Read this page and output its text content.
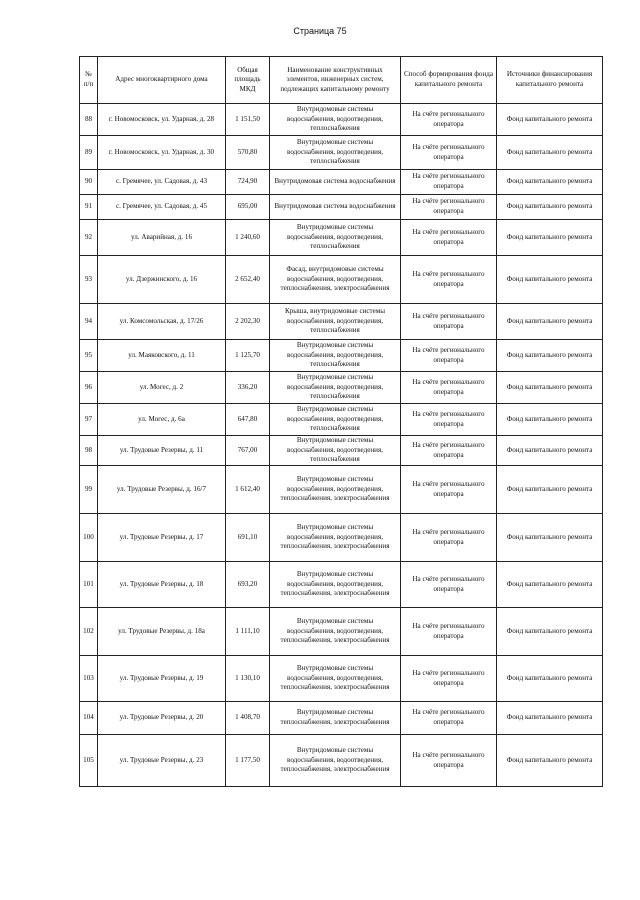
Страница 75
№ п/п	Адрес многоквартирного дома	Общая площадь МКД	Наименование конструктивных элементов, инженерных систем, подлежащих капитальному ремонту	Способ формирования фонда капитального ремонта	Источники финансирования капитального ремонта
88	г. Новомосковск, ул. Ударная, д. 28	1 151,50	Внутридомовые системы водоснабжения, водоотведения, теплоснабжения	На счёте регионального оператора	Фонд капитального ремонта
89	г. Новомосковск, ул. Ударная, д. 30	570,80	Внутридомовые системы водоснабжения, водоотведения, теплоснабжения	На счёте регионального оператора	Фонд капитального ремонта
90	с. Гремячее, ул. Садовая, д. 43	724,90	Внутридомовая система водоснабжения	На счёте регионального оператора	Фонд капитального ремонта
91	с. Гремячее, ул. Садовая, д. 45	695,00	Внутридомовая система водоснабжения	На счёте регионального оператора	Фонд капитального ремонта
92	ул. Аварийная, д. 16	1 240,60	Внутридомовые системы водоснабжения, водоотведения, теплоснабжения	На счёте регионального оператора	Фонд капитального ремонта
93	ул. Дзержинского, д. 16	2 652,40	Фасад, внутридомовые системы водоснабжения, водоотведения, теплоснабжения, электроснабжения	На счёте регионального оператора	Фонд капитального ремонта
94	ул. Комсомольская, д. 17/26	2 202,30	Крыша, внутридомовые системы водоснабжения, водоотведения, теплоснабжения	На счёте регионального оператора	Фонд капитального ремонта
95	ул. Маяковского, д. 11	1 125,70	Внутридомовые системы водоснабжения, водоотведения, теплоснабжения	На счёте регионального оператора	Фонд капитального ремонта
96	ул. Могес, д. 2	336,20	Внутридомовые системы водоснабжения, водоотведения, теплоснабжения	На счёте регионального оператора	Фонд капитального ремонта
97	ул. Могес, д. 6а	647,80	Внутридомовые системы водоснабжения, водоотведения, теплоснабжения	На счёте регионального оператора	Фонд капитального ремонта
98	ул. Трудовые Резервы, д. 11	767,00	Внутридомовые системы водоснабжения, водоотведения, теплоснабжения	На счёте регионального оператора	Фонд капитального ремонта
99	ул. Трудовые Резервы, д. 16/7	1 612,40	Внутридомовые системы водоснабжения, водоотведения, теплоснабжения, электроснабжения	На счёте регионального оператора	Фонд капитального ремонта
100	ул. Трудовые Резервы, д. 17	691,10	Внутридомовые системы водоснабжения, водоотведения, теплоснабжения, электроснабжения	На счёте регионального оператора	Фонд капитального ремонта
101	ул. Трудовые Резервы, д. 18	693,20	Внутридомовые системы водоснабжения, водоотведения, теплоснабжения, электроснабжения	На счёте регионального оператора	Фонд капитального ремонта
102	ул. Трудовые Резервы, д. 18а	1 111,10	Внутридомовые системы водоснабжения, водоотведения, теплоснабжения, электроснабжения	На счёте регионального оператора	Фонд капитального ремонта
103	ул. Трудовые Резервы, д. 19	1 130,10	Внутридомовые системы водоснабжения, водоотведения, теплоснабжения, электроснабжения	На счёте регионального оператора	Фонд капитального ремонта
104	ул. Трудовые Резервы, д. 20	1 408,70	Внутридомовые системы теплоснабжения, электроснабжения	На счёте регионального оператора	Фонд капитального ремонта
105	ул. Трудовые Резервы, д. 23	1 177,50	Внутридомовые системы водоснабжения, водоотведения, теплоснабжения, электроснабжения	На счёте регионального оператора	Фонд капитального ремонта
